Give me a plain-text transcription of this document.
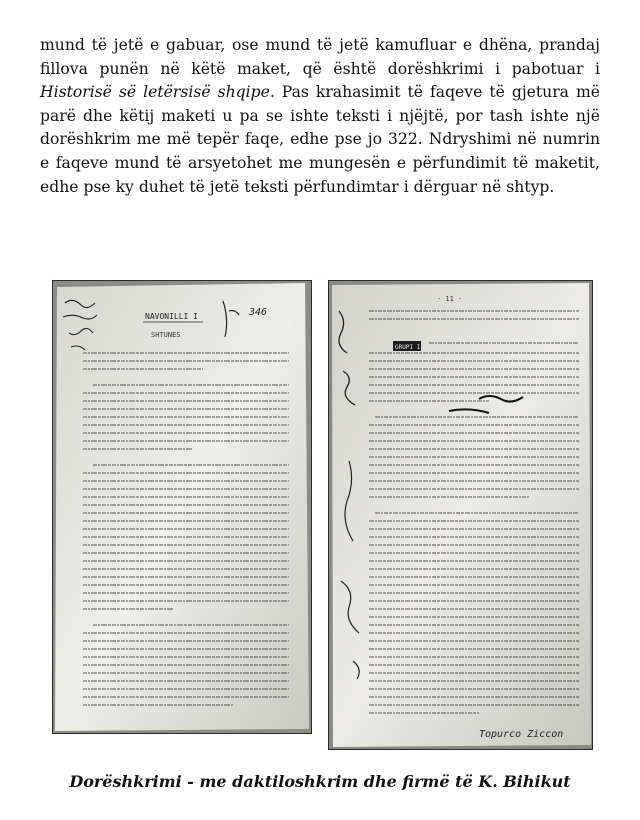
mund të jetë e gabuar, ose mund të jetë kamufluar e dhëna, prandaj fillova punën në këtë maket, që është dorëshkrimi i pabotuar i Historisë së letërsisë shqipe. Pas krahasimit të faqeve të gjetura më parë dhe këtij maketi u pa se ishte teksti i njëjtë, por tash ishte një dorëshkrim me më tepër faqe, edhe pse jo 322. Ndryshimi në numrin e faqeve mund të arsyetohet me mungesën e përfundimit të maketit, edhe pse ky duhet të jetë teksti përfundimtar i dërguar në shtyp.

NAVONILLI I
SHTUNES
346
- 11 -
GRUPI I
Topurco Ziccon

Dorëshkrimi - me daktiloshkrim dhe firmë të K. Bihikut
